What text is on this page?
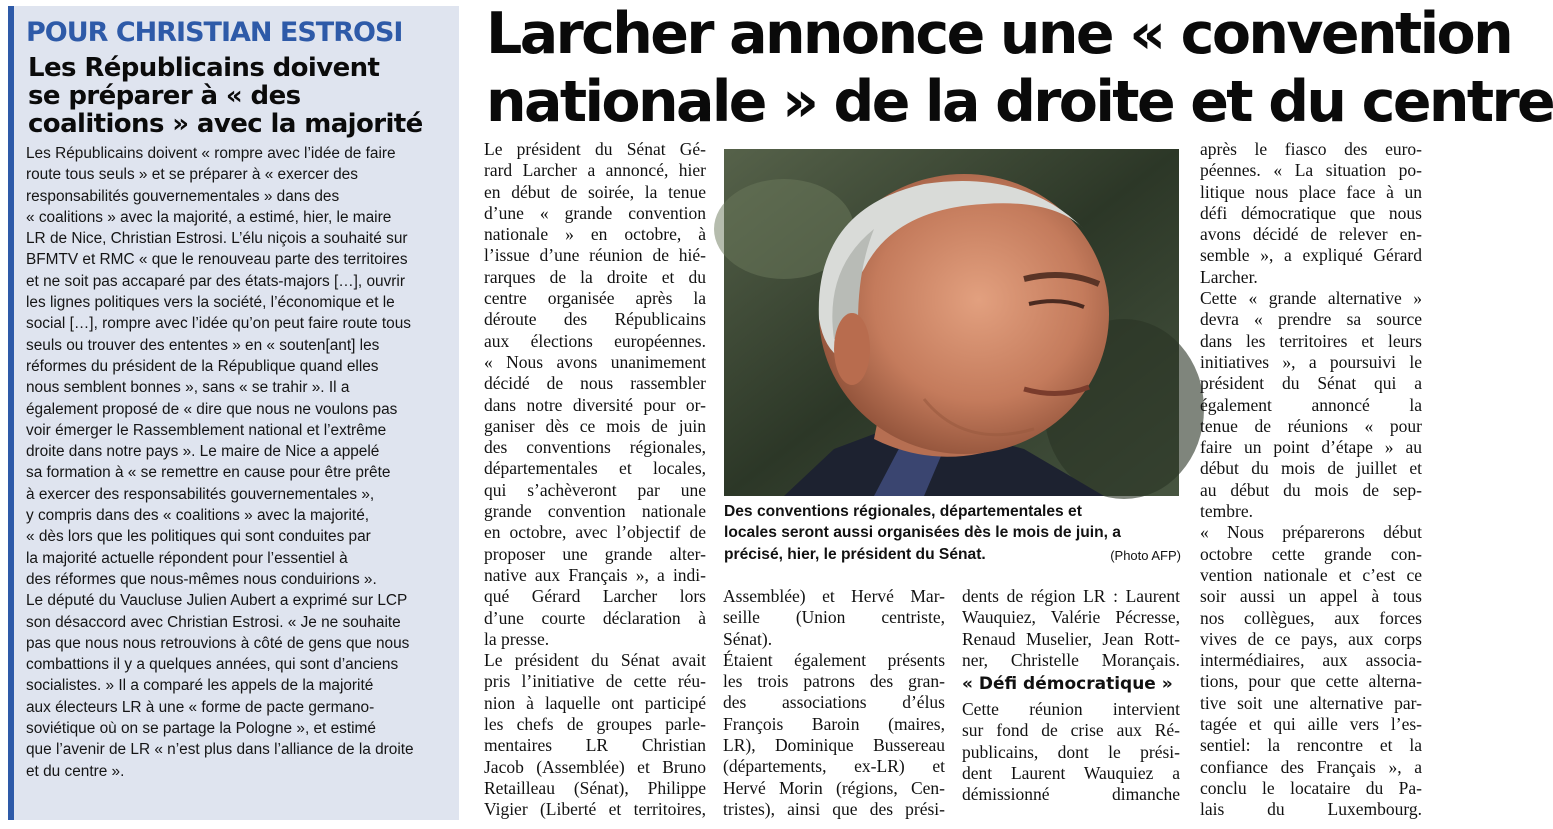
POUR CHRISTIAN ESTROSI
Les Républicains doivent
se préparer à « des
coalitions » avec la majorité
Les Républicains doivent « rompre avec l’idée de faire
route tous seuls » et se préparer à « exercer des
responsabilités gouvernementales » dans des
« coalitions » avec la majorité, a estimé, hier, le maire
LR de Nice, Christian Estrosi. L’élu niçois a souhaité sur
BFMTV et RMC « que le renouveau parte des territoires
et ne soit pas accaparé par des états-majors […], ouvrir
les lignes politiques vers la société, l’économique et le
social […], rompre avec l’idée qu’on peut faire route tous
seuls ou trouver des ententes » en « souten[ant] les
réformes du président de la République quand elles
nous semblent bonnes », sans « se trahir ». Il a
également proposé de « dire que nous ne voulons pas
voir émerger le Rassemblement national et l’extrême
droite dans notre pays ». Le maire de Nice a appelé
sa formation à « se remettre en cause pour être prête
à exercer des responsabilités gouvernementales »,
y compris dans des « coalitions » avec la majorité,
« dès lors que les politiques qui sont conduites par
la majorité actuelle répondent pour l’essentiel à
des réformes que nous-mêmes nous conduirions ».
Le député du Vaucluse Julien Aubert a exprimé sur LCP
son désaccord avec Christian Estrosi. « Je ne souhaite
pas que nous nous retrouvions à côté de gens que nous
combattions il y a quelques années, qui sont d’anciens
socialistes. » Il a comparé les appels de la majorité
aux électeurs LR à une « forme de pacte germano-
soviétique où on se partage la Pologne », et estimé
que l’avenir de LR « n’est plus dans l’alliance de la droite
et du centre ».
Larcher annonce une « convention
nationale » de la droite et du centre
Le président du Sénat Gé-
rard Larcher a annoncé, hier
en début de soirée, la tenue
d’une « grande convention
nationale » en octobre, à
l’issue d’une réunion de hié-
rarques de la droite et du
centre organisée après la
déroute des Républicains
aux élections européennes.
« Nous avons unanimement
décidé de nous rassembler
dans notre diversité pour or-
ganiser dès ce mois de juin
des conventions régionales,
départementales et locales,
qui s’achèveront par une
grande convention nationale
en octobre, avec l’objectif de
proposer une grande alter-
native aux Français », a indi-
qué Gérard Larcher lors
d’une courte déclaration à
la presse.
Le président du Sénat avait
pris l’initiative de cette réu-
nion à laquelle ont participé
les chefs de groupes parle-
mentaires LR Christian
Jacob (Assemblée) et Bruno
Retailleau (Sénat), Philippe
Vigier (Liberté et territoires,
Des conventions régionales, départementales et
locales seront aussi organisées dès le mois de juin, a
précisé, hier, le président du Sénat.	(Photo AFP)
Assemblée) et Hervé Mar-
seille (Union centriste,
Sénat).
Étaient également présents
les trois patrons des gran-
des associations d’élus
François Baroin (maires,
LR), Dominique Bussereau
(départements, ex-LR) et
Hervé Morin (régions, Cen-
tristes), ainsi que des prési-
dents de région LR : Laurent
Wauquiez, Valérie Pécresse,
Renaud Muselier, Jean Rott-
ner, Christelle Morançais.
« Défi démocratique »
Cette réunion intervient
sur fond de crise aux Ré-
publicains, dont le prési-
dent Laurent Wauquiez a
démissionné dimanche
après le fiasco des euro-
péennes. « La situation po-
litique nous place face à un
défi démocratique que nous
avons décidé de relever en-
semble », a expliqué Gérard
Larcher.
Cette « grande alternative »
devra « prendre sa source
dans les territoires et leurs
initiatives », a poursuivi le
président du Sénat qui a
également annoncé la
tenue de réunions « pour
faire un point d’étape » au
début du mois de juillet et
au début du mois de sep-
tembre.
« Nous préparerons début
octobre cette grande con-
vention nationale et c’est ce
soir aussi un appel à tous
nos collègues, aux forces
vives de ce pays, aux corps
intermédiaires, aux associa-
tions, pour que cette alterna-
tive soit une alternative par-
tagée et qui aille vers l’es-
sentiel: la rencontre et la
confiance des Français », a
conclu le locataire du Pa-
lais du Luxembourg.
